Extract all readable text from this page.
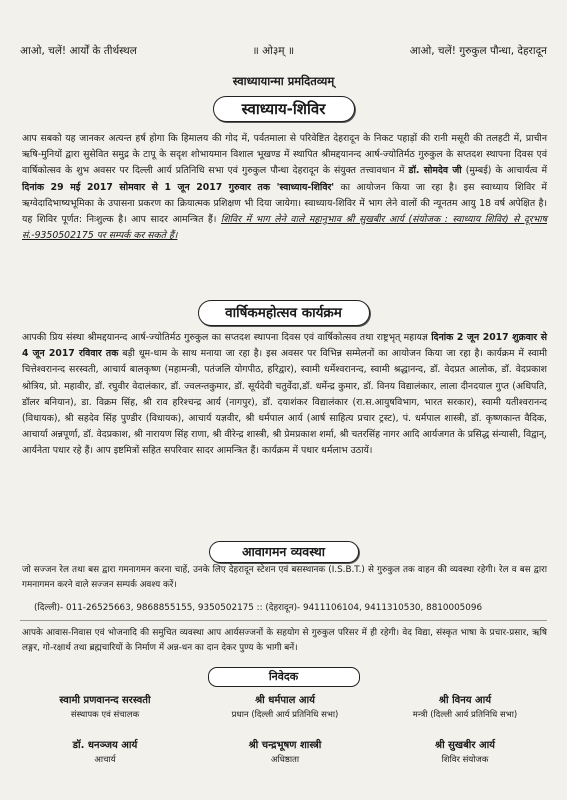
आओ, चलें! आर्यों के तीर्थस्थल	॥ ओ३म् ॥	आओ, चलें! गुरुकुल पौन्धा, देहरादून
स्वाध्यायान्मा प्रमदितव्यम्
स्वाध्याय-शिविर
आप सबको यह जानकर अत्यन्त हर्ष होगा कि हिमालय की गोद में, पर्वतमाला से परिवेष्टित देहरादून के निकट पहाड़ों की रानी मसूरी की तलहटी में, प्राचीन ऋषि-मुनियों द्वारा सुसेवित समुद्र के टापू के सदृश शोभायमान विशाल भूखण्ड में स्थापित श्रीमद्दयानन्द आर्ष-ज्योतिर्मठ गुरुकुल के सप्तदश स्थापना दिवस एवं वार्षिकोत्सव के शुभ अवसर पर दिल्ली आर्य प्रतिनिधि सभा एवं गुरुकुल पौन्धा देहरादून के संयुक्त तत्त्वावधान में डॉ. सोमदेव जी (मुम्बई) के आचार्यत्व में दिनांक 29 मई 2017 सोमवार से 1 जून 2017 गुरुवार तक 'स्वाध्याय-शिविर' का आयोजन किया जा रहा है। इस स्वाध्याय शिविर में ऋग्वेदादिभाष्यभूमिका के उपासना प्रकरण का क्रियात्मक प्रशिक्षण भी दिया जायेगा। स्वाध्याय-शिविर में भाग लेने वालों की न्यूनतम आयु 18 वर्ष अपेक्षित है। यह शिविर पूर्णत: निःशुल्क है। आप सादर आमन्त्रित हैं। शिविर में भाग लेने वाले महानुभाव श्री सुखबीर आर्य (संयोजक : स्वाध्याय शिविर) से दूरभाष सं.-9350502175 पर सम्पर्क कर सकते हैं।
वार्षिकमहोत्सव कार्यक्रम
आपकी प्रिय संस्था श्रीमद्दयानन्द आर्ष-ज्योतिर्मठ गुरुकुल का सप्तदश स्थापना दिवस एवं वार्षिकोत्सव तथा राष्ट्रभृत् महायज्ञ दिनांक 2 जून 2017 शुक्रवार से 4 जून 2017 रविवार तक बड़ी धूम-धाम के साथ मनाया जा रहा है। इस अवसर पर विभिन्न सम्मेलनों का आयोजन किया जा रहा है। कार्यक्रम में स्वामी चित्तेश्वरानन्द सरस्वती, आचार्य बालकृष्ण (महामन्त्री, पतंजलि योगपीठ, हरिद्वार), स्वामी धर्मेश्वरानन्द, स्वामी श्रद्धानन्द, डॉ. वेदप्रत आलोक, डॉ. वेदप्रकाश श्रोत्रिय, प्रो. महावीर, डॉ. रघुवीर वेदालंकार, डॉ. ज्वलन्तकुमार, डॉ. सूर्यदेवी चतुर्वेदा,डॉ. धर्मेन्द्र कुमार, डॉ. विनय विद्यालंकार, लाला दीनदयाल गुप्त (अधिपति, डॉलर बनियान), डा. विक्रम सिंह, श्री राव हरिश्चन्द्र आर्य (नागपुर), डॉ. दयाशंकर विद्यालंकार (रा.स.आयुषविभाग, भारत सरकार), स्वामी यतीश्वरानन्द (विधायक), श्री सहदेव सिंह पुण्डीर (विधायक), आचार्य यज्ञवीर, श्री धर्मपाल आर्य (आर्ष साहित्य प्रचार ट्रस्ट), पं. धर्मपाल शास्त्री, डॉ. कृष्णकान्त वैदिक, आचार्या अन्नपूर्णा, डॉ. वेदप्रकाश, श्री नारायण सिंह राणा, श्री वीरेन्द्र शास्त्री, श्री प्रेमप्रकाश शर्मा, श्री चतरसिंह नागर आदि आर्यजगत के प्रसिद्ध संन्यासी, विद्वान्, आर्यनेता पधार रहे हैं। आप इष्टमित्रों सहित सपरिवार सादर आमन्त्रित हैं। कार्यक्रम में पधार धर्मलाभ उठायें।
आवागमन व्यवस्था
जो सज्जन रेल तथा बस द्वारा गमनागमन करना चाहें, उनके लिए देहरादून स्टेशन एवं बसस्थानक (I.S.B.T.) से गुरुकुल तक वाहन की व्यवस्था रहेगी। रेल व बस द्वारा गमनागमन करने वाले सज्जन सम्पर्क अवश्य करें।
(दिल्ली)- 011-26525663, 9868855155, 9350502175 :: (देहरादून)- 9411106104, 9411310530, 8810005096
आपके आवास-निवास एवं भोजनादि की समुचित व्यवस्था आप आर्यसज्जनों के सहयोग से गुरुकुल परिसर में ही रहेगी। वेद विद्या, संस्कृत भाषा के प्रचार-प्रसार, ऋषि लङ्गर, गो-रक्षार्थ तथा ब्रह्मचारियों के निर्माण में अन्न-धन का दान देकर पुण्य के भागी बनें।
निवेदक
स्वामी प्रणवानन्द सरस्वती
संस्थापक एवं संचालक
श्री धर्मपाल आर्य
प्रधान (दिल्ली आर्य प्रतिनिधि सभा)
श्री विनय आर्य
मन्त्री (दिल्ली आर्य प्रतिनिधि सभा)
डॉ. धनञ्जय आर्य
आचार्य
श्री चन्द्रभूषण शास्त्री
अधिष्ठाता
श्री सुखबीर आर्य
शिविर संयोजक
